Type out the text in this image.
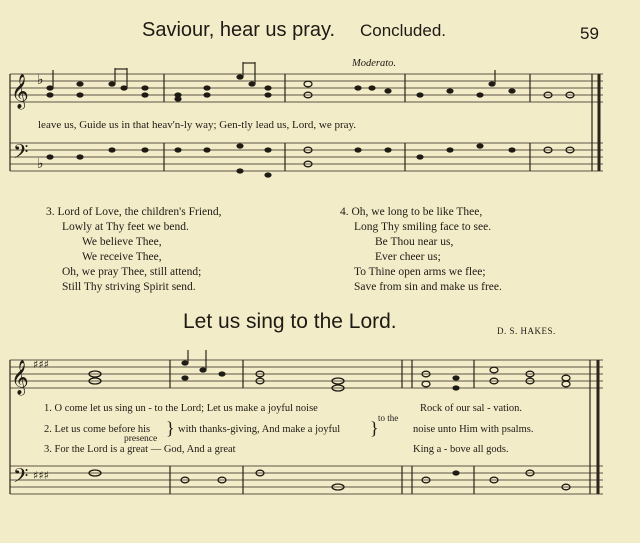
Saviour, hear us pray. Concluded.	59
𝄞 ♭
𝄢 ♭
𝄞 ♯♯♯
𝄢 ♯♯♯
Moderato.
leave us, Guide us in that heav'n-ly way; Gen-tly lead us, Lord, we pray.
3. Lord of Love, the children's Friend,
Lowly at Thy feet we bend.
We believe Thee,
We receive Thee,
Oh, we pray Thee, still attend;
Still Thy striving Spirit send.
4. Oh, we long to be like Thee,
Long Thy smiling face to see.
Be Thou near us,
Ever cheer us;
To Thine open arms we flee;
Save from sin and make us free.
Let us sing to the Lord.	D. S. HAKES.
1. O come let us sing un - to the Lord; Let us make a joyful noise
to the
Rock of our sal - vation.
2. Let us come before his
presence
} with thanks-giving, And make a joyful }	noise unto Him with psalms.
3. For the Lord is a great — God, And a great	King a - bove all gods.
